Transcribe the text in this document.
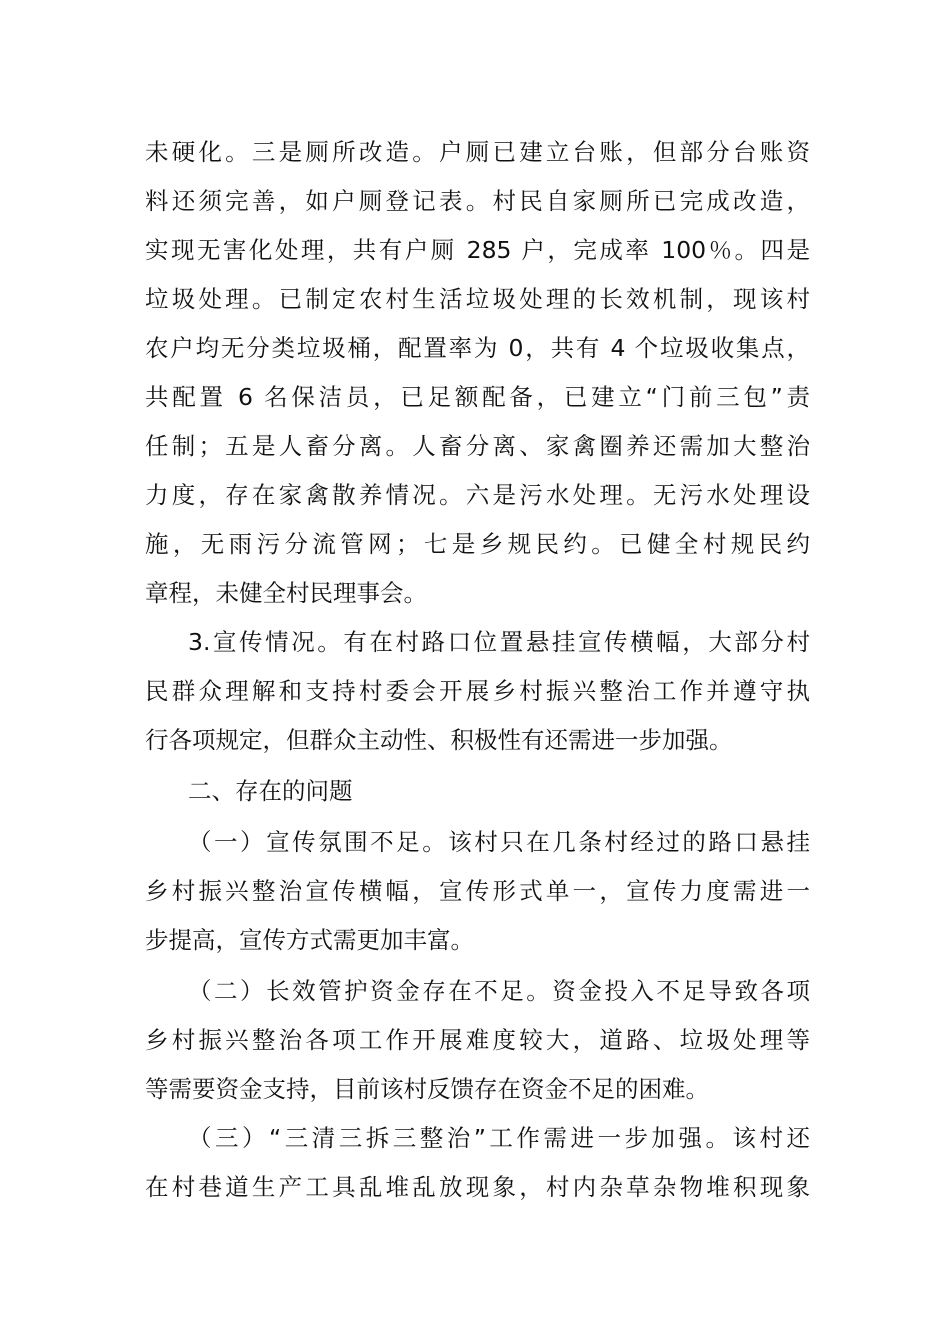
未硬化。三是厕所改造。户厕已建立台账，但部分台账资
料还须完善，如户厕登记表。村民自家厕所已完成改造，
实现无害化处理，共有户厕 285 户，完成率 100％。四是
垃圾处理。已制定农村生活垃圾处理的长效机制，现该村
农户均无分类垃圾桶，配置率为 0，共有 4 个垃圾收集点，
共配置 6 名保洁员，已足额配备，已建立“门前三包”责
任制；五是人畜分离。人畜分离、家禽圈养还需加大整治
力度，存在家禽散养情况。六是污水处理。无污水处理设
施，无雨污分流管网；七是乡规民约。已健全村规民约
章程，未健全村民理事会。
3.宣传情况。有在村路口位置悬挂宣传横幅，大部分村
民群众理解和支持村委会开展乡村振兴整治工作并遵守执
行各项规定，但群众主动性、积极性有还需进一步加强。
二、存在的问题
（一）宣传氛围不足。该村只在几条村经过的路口悬挂
乡村振兴整治宣传横幅，宣传形式单一，宣传力度需进一
步提高，宣传方式需更加丰富。
（二）长效管护资金存在不足。资金投入不足导致各项
乡村振兴整治各项工作开展难度较大，道路、垃圾处理等
等需要资金支持，目前该村反馈存在资金不足的困难。
（三）“三清三拆三整治”工作需进一步加强。该村还
在村巷道生产工具乱堆乱放现象，村内杂草杂物堆积现象
